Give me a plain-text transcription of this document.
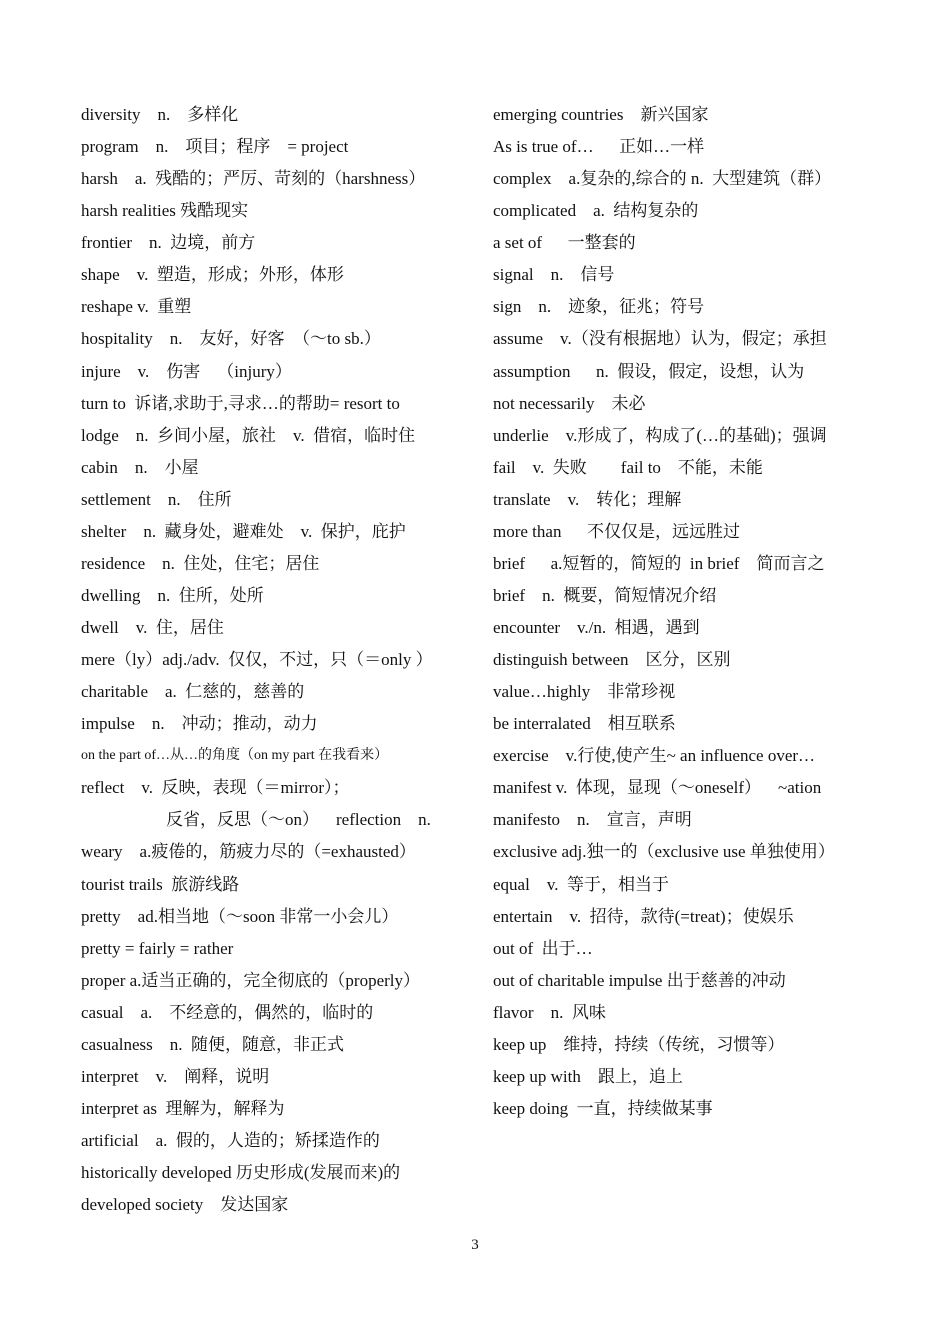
diversity    n.    多样化
program    n.    项目；程序    = project
harsh    a.  残酷的；严厉、苛刻的（harshness）
harsh realities 残酷现实
frontier    n.  边境，前方
shape    v.  塑造，形成；外形，体形
reshape v.  重塑
hospitality    n.    友好，好客  （～to sb.）
injure    v.    伤害    （injury）
turn to  诉诸,求助于,寻求…的帮助= resort to
lodge    n.  乡间小屋，旅社    v.  借宿，临时住
cabin    n.    小屋
settlement    n.    住所
shelter    n.  藏身处，避难处    v.  保护，庇护
residence    n.  住处，住宅；居住
dwelling    n.  住所，处所
dwell    v.  住，居住
mere（ly）adj./adv.  仅仅，不过，只（＝only ）
charitable    a.  仁慈的，慈善的
impulse    n.    冲动；推动，动力
on the part of…从…的角度（on my part 在我看来）
reflect    v.  反映，表现（＝mirror）；
反省，反思（～on）    reflection    n.
weary    a.疲倦的，筋疲力尽的（=exhausted）
tourist trails  旅游线路
pretty    ad.相当地（～soon 非常一小会儿）
pretty = fairly = rather
proper a.适当正确的，完全彻底的（properly）
casual    a.    不经意的，偶然的，临时的
casualness    n.  随便，随意，非正式
interpret    v.    阐释，说明
interpret as  理解为，解释为
artificial    a.  假的，人造的；矫揉造作的
historically developed 历史形成(发展而来)的
developed society    发达国家
emerging countries    新兴国家
As is true of…      正如…一样
complex    a.复杂的,综合的 n.  大型建筑（群）
complicated    a.  结构复杂的
a set of      一整套的
signal    n.    信号
sign    n.    迹象，征兆；符号
assume    v.（没有根据地）认为，假定；承担
assumption      n.  假设，假定，设想，认为
not necessarily    未必
underlie    v.形成了，构成了(…的基础)；强调
fail    v.  失败        fail to    不能，未能
translate    v.    转化；理解
more than      不仅仅是，远远胜过
brief      a.短暂的，简短的  in brief    简而言之
brief    n.  概要，简短情况介绍
encounter    v./n.  相遇，遇到
distinguish between    区分，区别
value…highly    非常珍视
be interralated    相互联系
exercise    v.行使,使产生~ an influence over…
manifest v.  体现，显现（～oneself）    ~ation
manifesto    n.    宣言，声明
exclusive adj.独一的（exclusive use 单独使用）
equal    v.  等于，相当于
entertain    v.  招待，款待(=treat)；使娱乐
out of  出于…
out of charitable impulse 出于慈善的冲动
flavor    n.  风味
keep up    维持，持续（传统，习惯等）
keep up with    跟上，追上
keep doing  一直，持续做某事
3
